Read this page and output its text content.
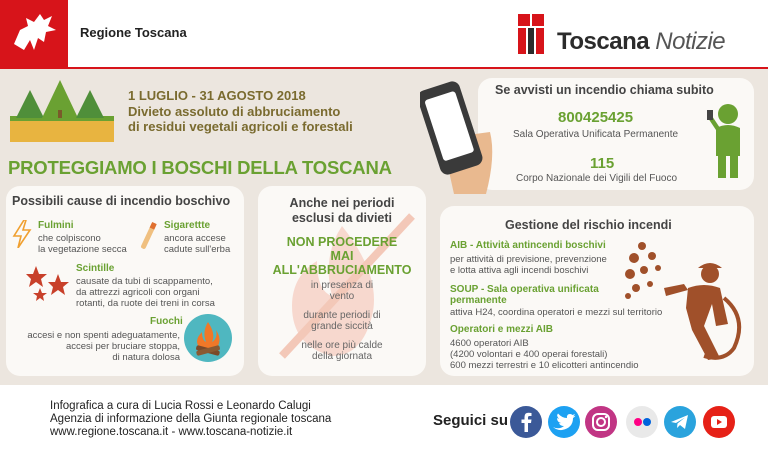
Regione Toscana	Toscana Notizie
1 LUGLIO - 31 AGOSTO 2018
Divieto assoluto di abbruciamento
di residui vegetali agricoli e forestali
PROTEGGIAMO I BOSCHI DELLA TOSCANA
Se avvisti un incendio chiama subito
800425425
Sala Operativa Unificata Permanente
115
Corpo Nazionale dei Vigili del Fuoco
Possibili cause di incendio boschivo
Fulmini
che colpiscono
la vegetazione secca
Sigarettte
ancora accese
cadute sull'erba
Scintille
causate da tubi di scappamento,
da attrezzi agricoli con organi
rotanti, da ruote dei treni in corsa
Fuochi
accesi e non spenti adeguatamente,
accesi per bruciare stoppa,
di natura dolosa
Anche nei periodi
esclusi da divieti
NON PROCEDERE
MAI
ALL'ABBRUCIAMENTO
in presenza di
vento
durante periodi di
grande siccità
nelle ore più calde
della giornata
Gestione del rischio incendi
AIB - Attività antincendi boschivi
per attività di previsione, prevenzione
e lotta attiva agli incendi boschivi
SOUP - Sala operativa unificata
permanente
attiva H24, coordina operatori e mezzi sul territorio
Operatori e mezzi AIB
4600 operatori AIB
(4200 volontari e 400 operai forestali)
600 mezzi terrestri e 10 elicotteri antincendio
Infografica a cura di Lucia Rossi e Leonardo Calugi
Agenzia di informazione della Giunta regionale toscana
www.regione.toscana.it - www.toscana-notizie.it
Seguici su
